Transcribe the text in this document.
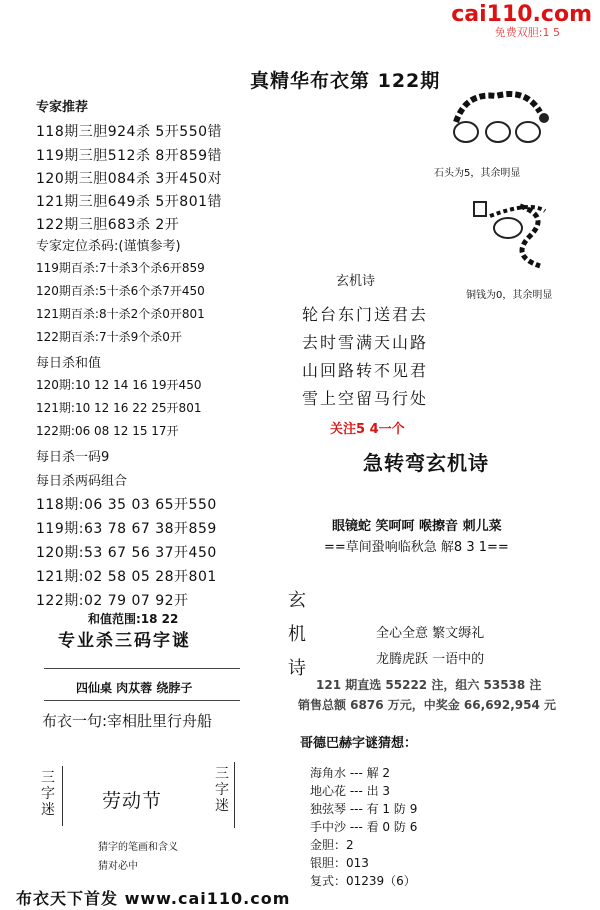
cai110.com
免费双胆:1 5
真精华布衣第 122期
专家推荐
118期三胆924杀 5开550错
119期三胆512杀 8开859错
120期三胆084杀 3开450对
121期三胆649杀 5开801错
122期三胆683杀 2开
专家定位杀码:(谨慎参考)
119期百杀:7十杀3个杀6开859
120期百杀:5十杀6个杀7开450
121期百杀:8十杀2个杀0开801
122期百杀:7十杀9个杀0开
每日杀和值
120期:10 12 14 16 19开450
121期:10 12 16 22 25开801
122期:06 08 12 15 17开
每日杀一码9
每日杀两码组合
118期:06 35 03 65开550
119期:63 78 67 38开859
120期:53 67 56 37开450
121期:02 58 05 28开801
122期:02 79 07 92开
和值范围:18 22
专业杀三码字谜
四仙桌 肉苁蓉 绕脖子
布衣一句:宰相肚里行舟船
三字迷 劳动节
三字迷
猜字的笔画和含义
猜对必中
布衣天下首发 www.cai110.com
石头为5，其余明显
铜钱为0，其余明显
玄机诗
轮台东门送君去
去时雪满天山路
山回路转不见君
雪上空留马行处
关注5 4一个
急转弯玄机诗
眼镜蛇 笑呵呵 喉擦音 刺儿菜
==草间蛩响临秋急 解8 3 1==
玄
机
诗
全心全意 繁文缛礼
龙腾虎跃 一语中的
121 期直选 55222 注，组六 53538 注
销售总额 6876 万元，中奖金 66,692,954 元
哥德巴赫字谜猜想：
海角水 --- 解 2
地心花 --- 出 3
独弦琴 --- 有 1 防 9
手中沙 --- 看 0 防 6
金胆：2
银胆：013
复式：01239（6）
